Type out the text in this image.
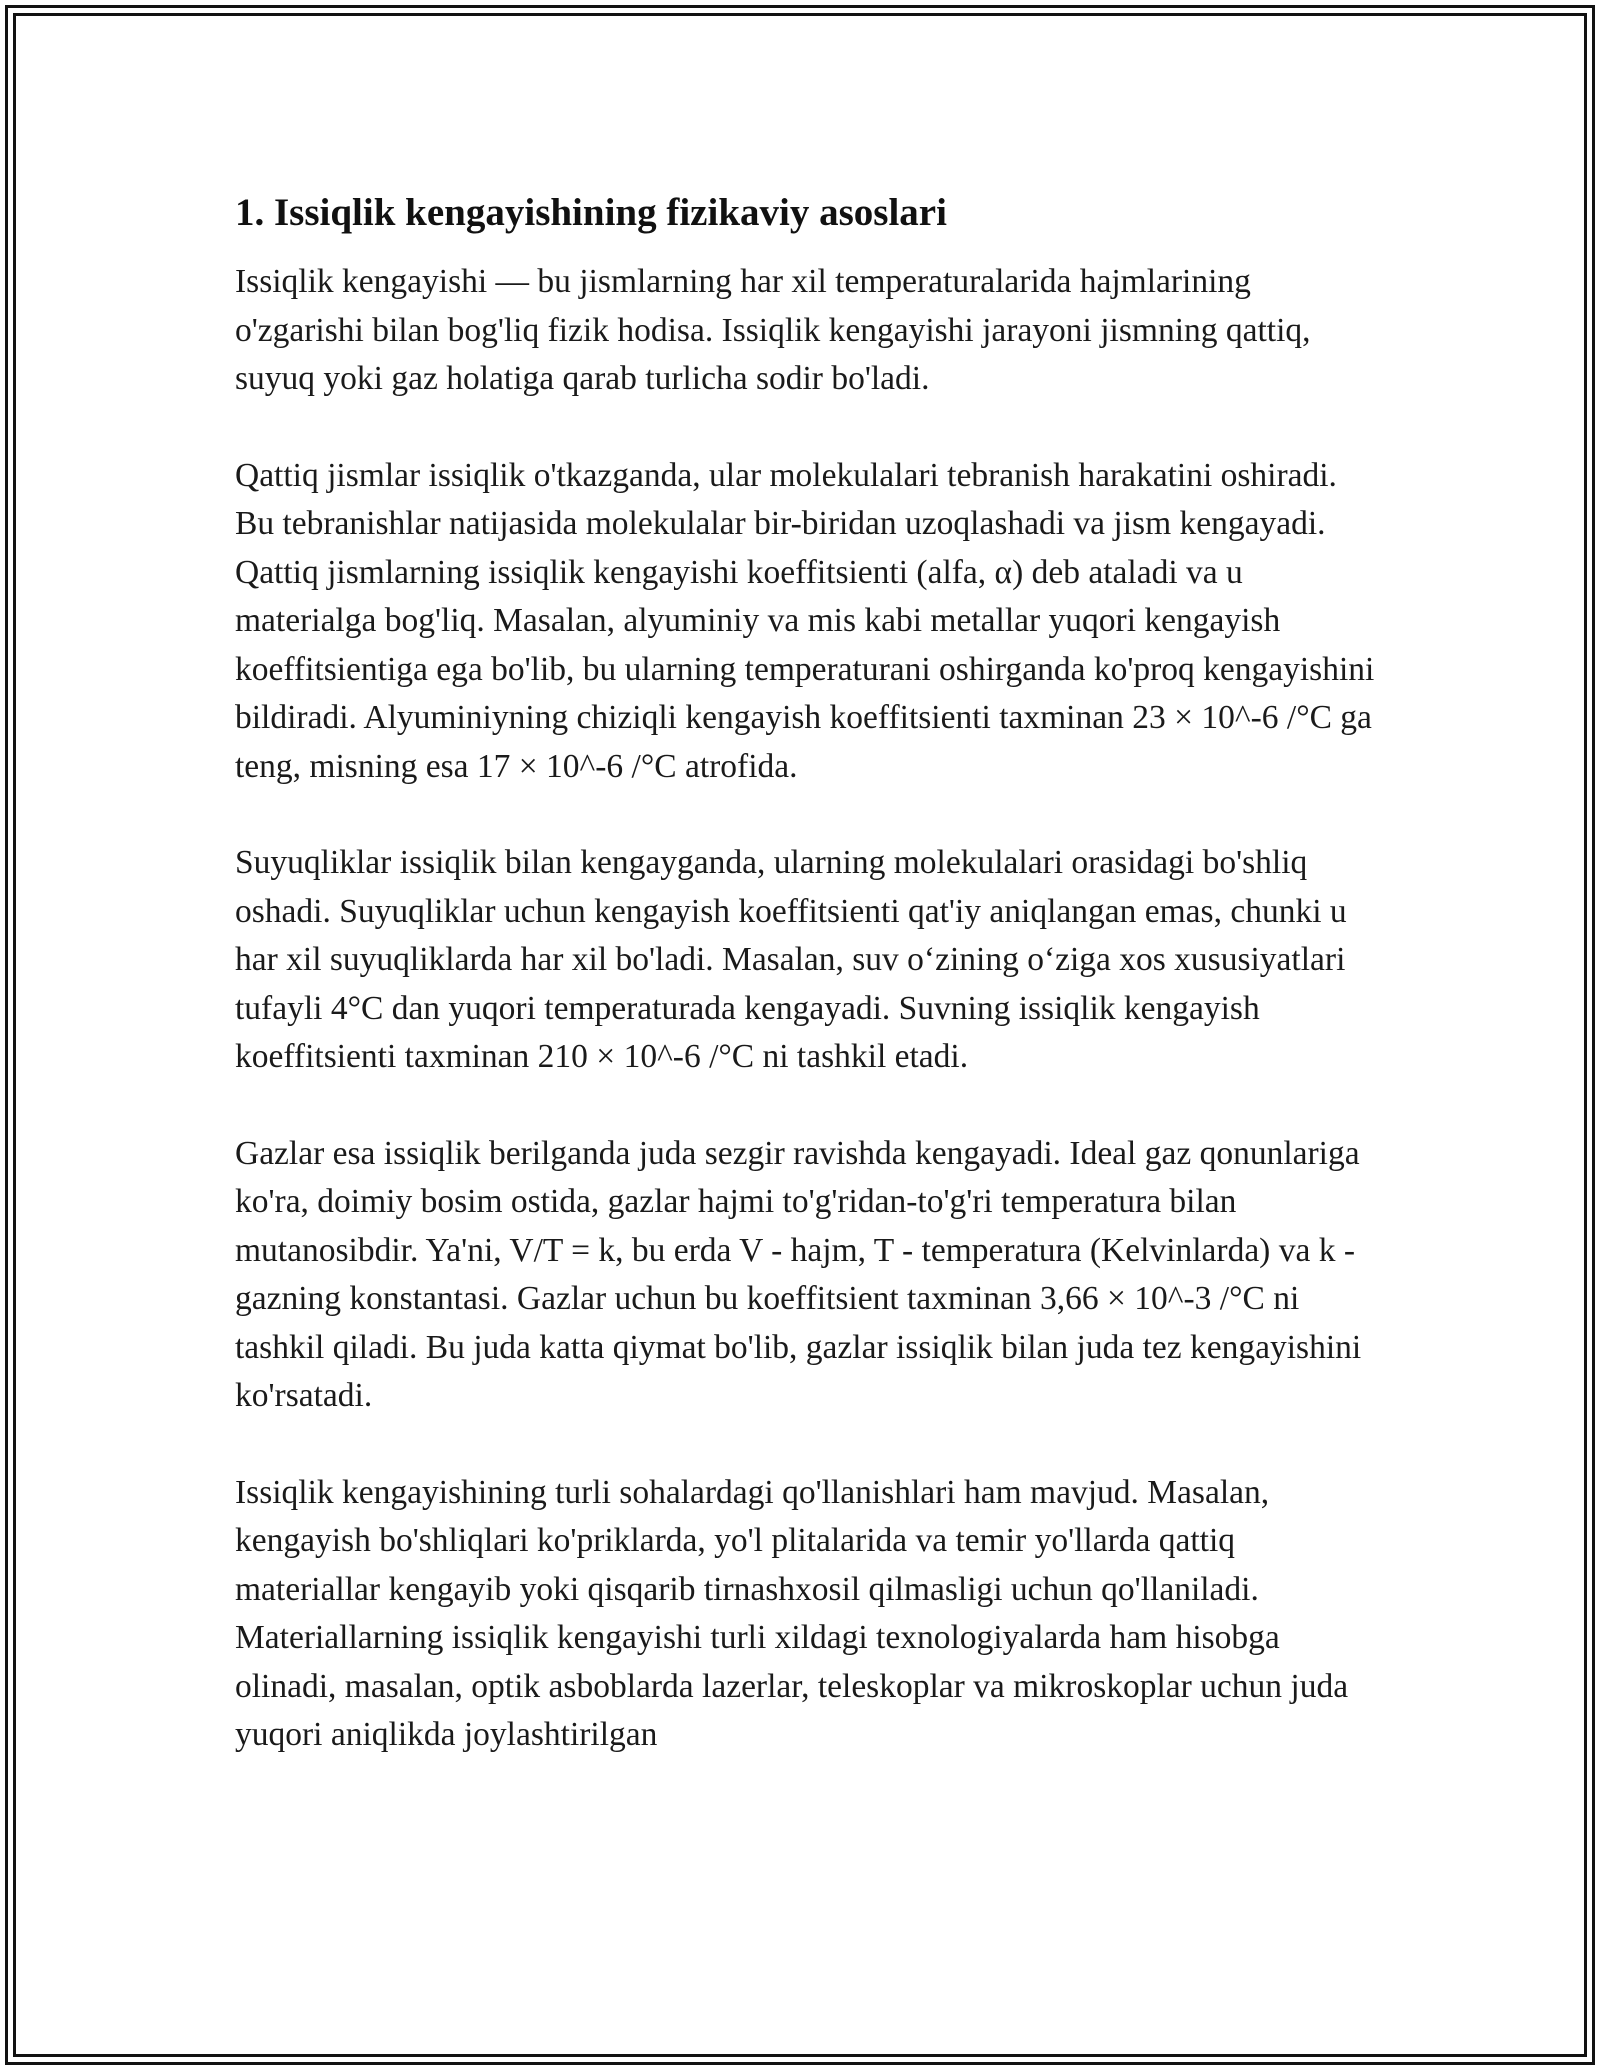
1. Issiqlik kengayishining fizikaviy asoslari

Issiqlik kengayishi — bu jismlarning har xil temperaturalarida hajmlarining o'zgarishi bilan bog'liq fizik hodisa. Issiqlik kengayishi jarayoni jismning qattiq, suyuq yoki gaz holatiga qarab turlicha sodir bo'ladi.

Qattiq jismlar issiqlik o'tkazganda, ular molekulalari tebranish harakatini oshiradi. Bu tebranishlar natijasida molekulalar bir-biridan uzoqlashadi va jism kengayadi. Qattiq jismlarning issiqlik kengayishi koeffitsienti (alfa, α) deb ataladi va u materialga bog'liq. Masalan, alyuminiy va mis kabi metallar yuqori kengayish koeffitsientiga ega bo'lib, bu ularning temperaturani oshirganda ko'proq kengayishini bildiradi. Alyuminiyning chiziqli kengayish koeffitsienti taxminan 23 × 10^-6 /°C ga teng, misning esa 17 × 10^-6 /°C atrofida.

Suyuqliklar issiqlik bilan kengayganda, ularning molekulalari orasidagi bo'shliq oshadi. Suyuqliklar uchun kengayish koeffitsienti qat'iy aniqlangan emas, chunki u har xil suyuqliklarda har xil bo'ladi. Masalan, suv o‘zining o‘ziga xos xususiyatlari tufayli 4°C dan yuqori temperaturada kengayadi. Suvning issiqlik kengayish koeffitsienti taxminan 210 × 10^-6 /°C ni tashkil etadi.

Gazlar esa issiqlik berilganda juda sezgir ravishda kengayadi. Ideal gaz qonunlariga ko'ra, doimiy bosim ostida, gazlar hajmi to'g'ridan-to'g'ri temperatura bilan mutanosibdir. Ya'ni, V/T = k, bu erda V - hajm, T - temperatura (Kelvinlarda) va k - gazning konstantasi. Gazlar uchun bu koeffitsient taxminan 3,66 × 10^-3 /°C ni tashkil qiladi. Bu juda katta qiymat bo'lib, gazlar issiqlik bilan juda tez kengayishini ko'rsatadi.

Issiqlik kengayishining turli sohalardagi qo'llanishlari ham mavjud. Masalan, kengayish bo'shliqlari ko'priklarda, yo'l plitalarida va temir yo'llarda qattiq materiallar kengayib yoki qisqarib tirnashxosil qilmasligi uchun qo'llaniladi. Materiallarning issiqlik kengayishi turli xildagi texnologiyalarda ham hisobga olinadi, masalan, optik asboblarda lazerlar, teleskoplar va mikroskoplar uchun juda yuqori aniqlikda joylashtirilgan
